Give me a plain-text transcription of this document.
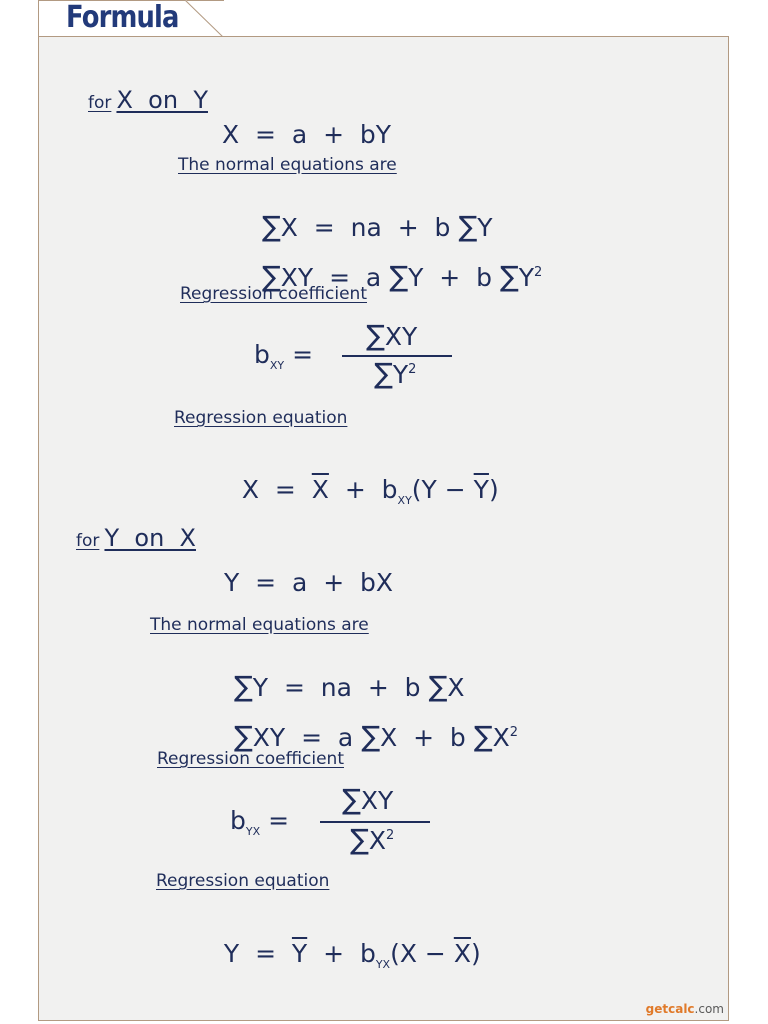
Formula
for X  on  Y
X  =  a  +  bY
The normal equations are

∑X  =  na  +  b ∑Y

∑XY  =  a ∑Y  +  b $\sum Y^2$

Regression coefficient
$b_{XY}$ =
∑XY
$\sum Y^2$
Regression equation

$X = \overline{X} + b_{XY}(Y - \overline{Y})$

for Y  on  X
Y  =  a  +  bX
The normal equations are

∑Y  =  na  +  b ∑X

∑XY  =  a ∑X  +  b $\sum X^2$

Regression coefficient
$b_{YX}$ =
∑XY
$\sum X^2$
Regression equation

$Y = \overline{Y} + b_{YX}(X - \overline{X})$

getcalc.com
